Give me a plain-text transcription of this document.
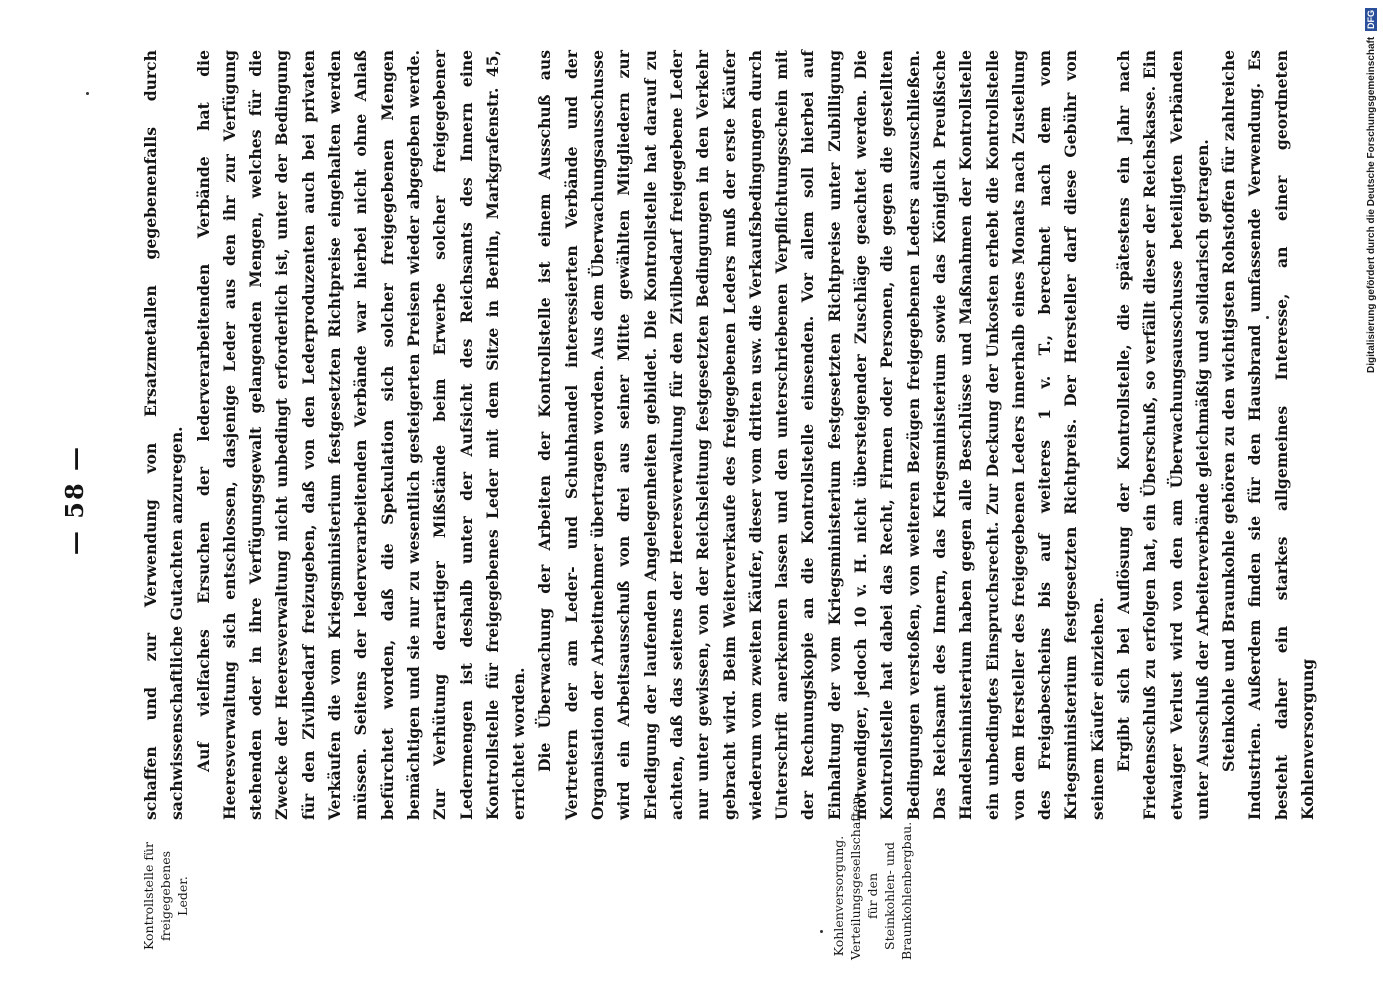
— 58 —
Kontrollstelle für freigegebenes Leder.	Kohlenversorgung. Verteilungsgesellschaften für den Steinkohlen- und Braunkohlenbergbau.

schaffen und zur Verwendung von Ersatzmetallen gegebenenfalls durch sachwissenschaftliche Gutachten anzuregen. Auf vielfaches Ersuchen der lederverarbeitenden Verbände hat die Heeresverwaltung sich entschlossen, dasjenige Leder aus den ihr zur Verfügung stehenden oder in ihre Verfügungsgewalt gelangenden Mengen, welches für die Zwecke der Heeresverwaltung nicht unbedingt erforderlich ist, unter der Bedingung für den Zivilbedarf freizugeben, daß von den Lederproduzenten auch bei privaten Verkäufen die vom Kriegsministerium festgesetzten Richtpreise eingehalten werden müssen. Seitens der lederverarbeitenden Verbände war hierbei nicht ohne Anlaß befürchtet worden, daß die Spekulation sich solcher freigegebenen Mengen bemächtigen und sie nur zu wesentlich gesteigerten Preisen wieder abgegeben werde. Zur Verhütung derartiger Mißstände beim Erwerbe solcher freigegebener Ledermengen ist deshalb unter der Aufsicht des Reichsamts des Innern eine Kontrollstelle für freigegebenes Leder mit dem Sitze in Berlin, Markgrafenstr. 45, errichtet worden. Die Überwachung der Arbeiten der Kontrollstelle ist einem Ausschuß aus Vertretern der am Leder- und Schuhhandel interessierten Verbände und der Organisation der Arbeitnehmer übertragen worden. Aus dem Überwachungsausschusse wird ein Arbeitsausschuß von drei aus seiner Mitte gewählten Mitgliedern zur Erledigung der laufenden Angelegenheiten gebildet. Die Kontrollstelle hat darauf zu achten, daß das seitens der Heeresverwaltung für den Zivilbedarf freigegebene Leder nur unter gewissen, von der Reichsleitung festgesetzten Bedingungen in den Verkehr gebracht wird. Beim Weiterverkaufe des freigegebenen Leders muß der erste Käufer wiederum vom zweiten Käufer, dieser vom dritten usw. die Verkaufsbedingungen durch Unterschrift anerkennen lassen und den unterschriebenen Verpflichtungsschein mit der Rechnungskopie an die Kontrollstelle einsenden. Vor allem soll hierbei auf Einhaltung der vom Kriegsministerium festgesetzten Richtpreise unter Zubilligung notwendiger, jedoch 10 v. H. nicht übersteigender Zuschläge geachtet werden. Die Kontrollstelle hat dabei das Recht, Firmen oder Personen, die gegen die gestellten Bedingungen verstoßen, von weiteren Bezügen freigegebenen Leders auszuschließen. Das Reichsamt des Innern, das Kriegsministerium sowie das Königlich Preußische Handelsministerium haben gegen alle Beschlüsse und Maßnahmen der Kontrollstelle ein unbedingtes Einspruchsrecht. Zur Deckung der Unkosten erhebt die Kontrollstelle von dem Hersteller des freigegebenen Leders innerhalb eines Monats nach Zustellung des Freigabescheins bis auf weiteres 1 v. T., berechnet nach dem vom Kriegsministerium festgesetzten Richtpreis. Der Hersteller darf diese Gebühr von seinem Käufer einziehen. Ergibt sich bei Auflösung der Kontrollstelle, die spätestens ein Jahr nach Friedensschluß zu erfolgen hat, ein Überschuß, so verfällt dieser der Reichskasse. Ein etwaiger Verlust wird von den am Überwachungsausschusse beteiligten Verbänden unter Ausschluß der Arbeiterverbände gleichmäßig und solidarisch getragen. Steinkohle und Braunkohle gehören zu den wichtigsten Rohstoffen für zahlreiche Industrien. Außerdem finden sie für den Hausbrand umfassende Verwendung. Es besteht daher ein starkes allgemeines Interesse, an einer geordneten Kohlenversorgung

Digitalisierung gefördert durch die Deutsche Forschungsgemeinschaft DFG
